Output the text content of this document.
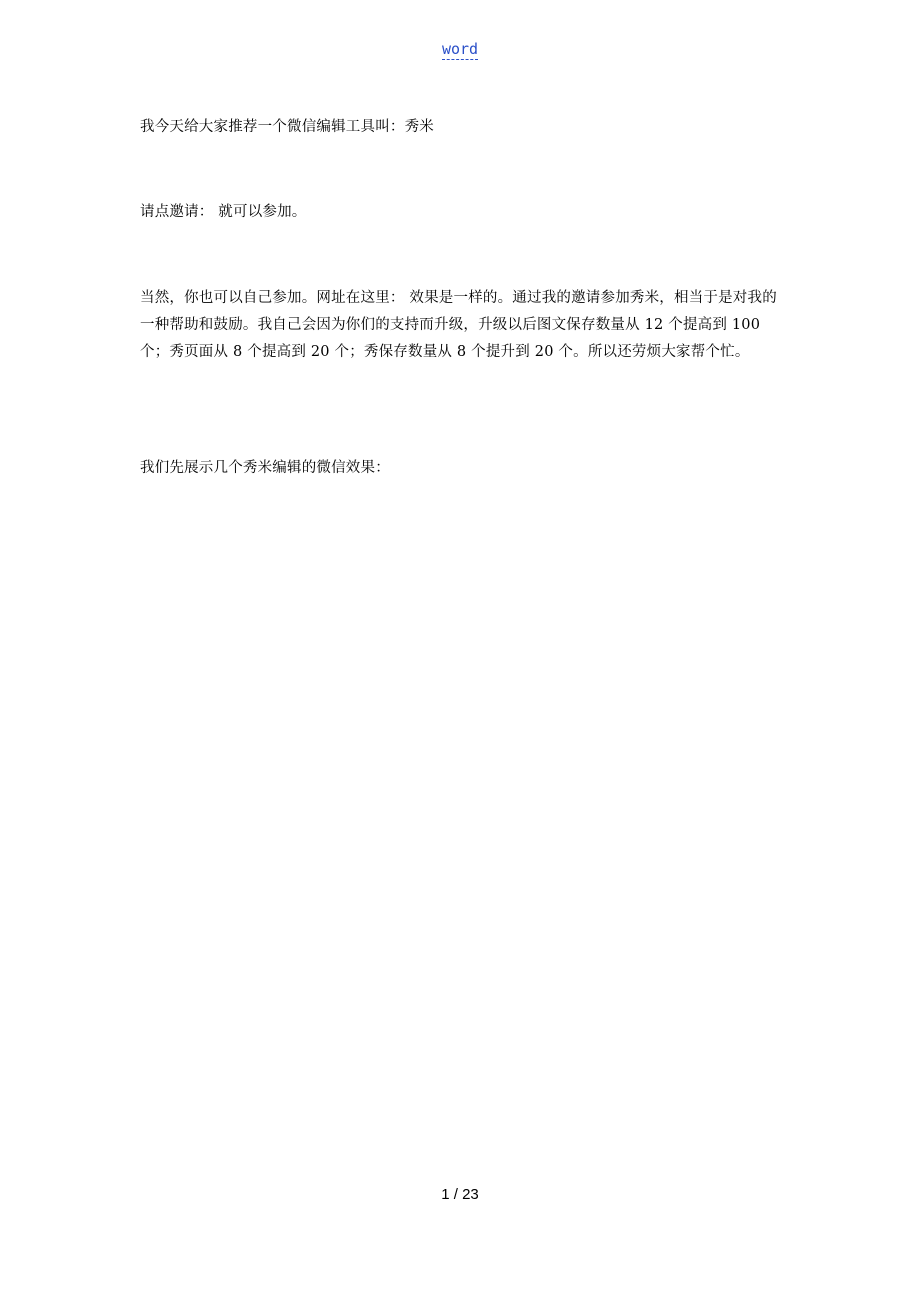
word

我今天给大家推荐一个微信编辑工具叫：秀米

请点邀请： 就可以参加。

当然，你也可以自己参加。网址在这里： 效果是一样的。通过我的邀请参加秀米，相当于是对我的一种帮助和鼓励。我自己会因为你们的支持而升级，升级以后图文保存数量从 12 个提高到 100 个；秀页面从 8 个提高到 20 个；秀保存数量从 8 个提升到 20 个。所以还劳烦大家帮个忙。

我们先展示几个秀米编辑的微信效果：

1 / 23
